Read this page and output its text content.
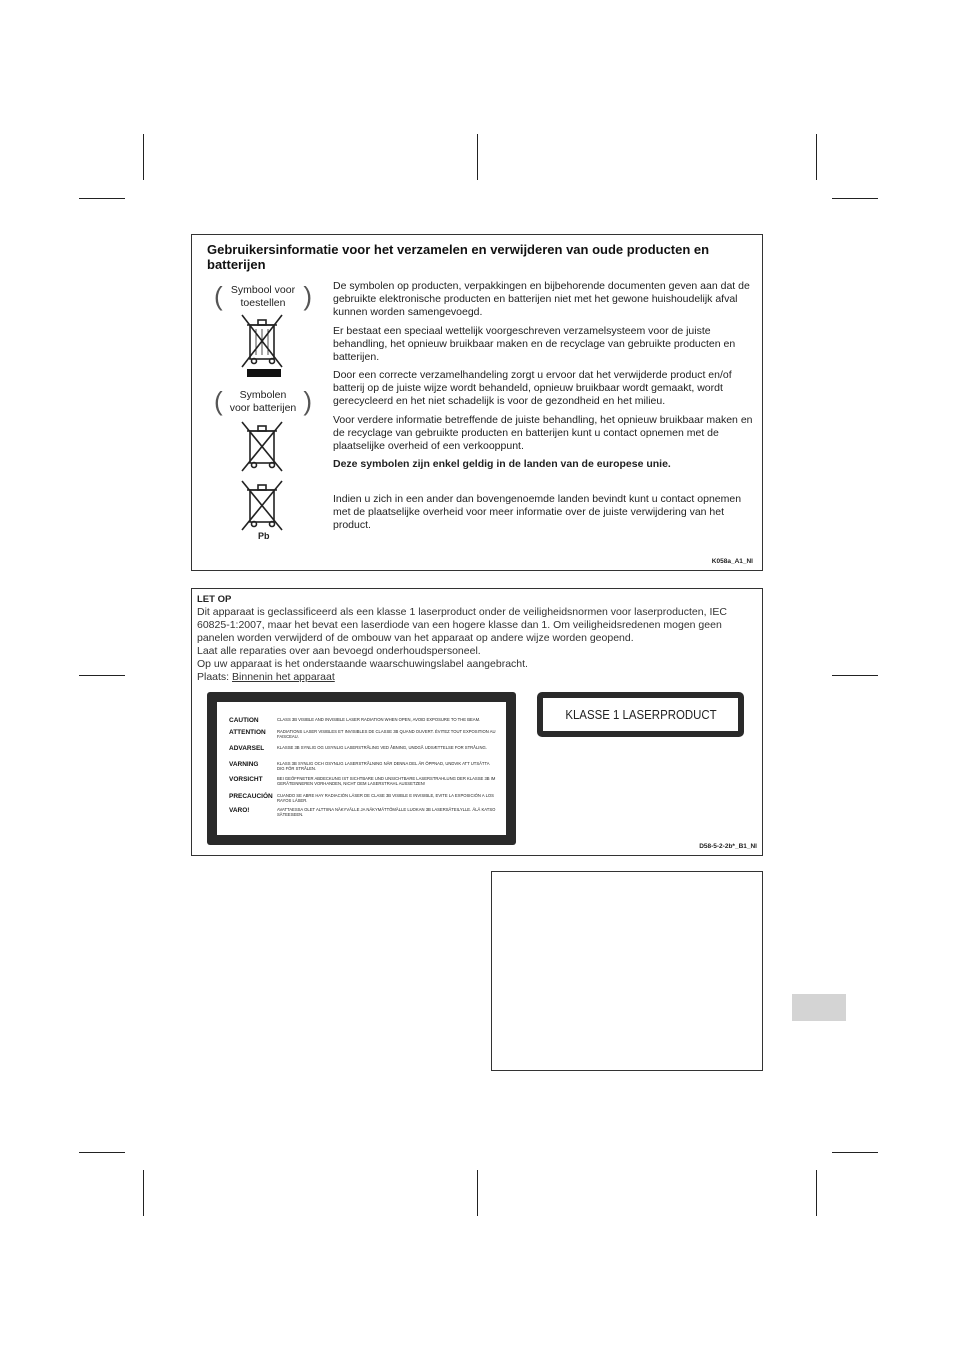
Gebruikersinformatie voor het verzamelen en verwijderen van oude producten en batterijen
( Symbool voor
toestellen )
(	Symbolen
voor batterijen )
Pb

De symbolen op producten, verpakkingen en bijbehorende documenten geven aan dat de gebruikte elektronische producten en batterijen niet met het gewone huishoudelijk afval kunnen worden samengevoegd.

Er bestaat een speciaal wettelijk voorgeschreven verzamelsysteem voor de juiste behandling, het opnieuw bruikbaar maken en de recyclage van gebruikte producten en batterijen.

Door een correcte verzamelhandeling zorgt u ervoor dat het verwijderde product en/of batterij op de juiste wijze wordt behandeld, opnieuw bruikbaar wordt gemaakt, wordt gerecycleerd en het niet schadelijk is voor de gezondheid en het milieu.

Voor verdere informatie betreffende de juiste behandling, het opnieuw bruikbaar maken en de recyclage van gebruikte producten en batterijen kunt u contact opnemen met de plaatselijke overheid of een verkooppunt.

Deze symbolen zijn enkel geldig in de landen van de europese unie.

Indien u zich in een ander dan bovengenoemde landen bevindt kunt u contact opnemen met de plaatselijke overheid voor meer informatie over de juiste verwijdering van het product.

K058a_A1_Nl
LET OP
Dit apparaat is geclassificeerd als een klasse 1 laserproduct onder de veiligheidsnormen voor laserproducten, IEC
60825-1:2007, maar het bevat een laserdiode van een hogere klasse dan 1. Om veiligheidsredenen mogen geen
panelen worden verwijderd of de ombouw van het apparaat op andere wijze worden geopend.
Laat alle reparaties over aan bevoegd onderhoudspersoneel.
Op uw apparaat is het onderstaande waarschuwingslabel aangebracht.
Plaats: Binnenin het apparaat
CAUTION	CLASS 3B VISIBLE AND INVISIBLE LASER RADIATION WHEN OPEN, AVOID EXPOSURE TO THE BEAM.
ATTENTION	RADIATIONS LASER VISIBLES ET INVISIBLES DE CLASSE 3B QUAND OUVERT. ÉVITEZ TOUT EXPOSITION AU FAISCEAU.
ADVARSEL	KLASSE 3B SYNLIG OG USYNLIG LASERSTRÅLING VED ÅBNING, UNDGÅ UDSÆTTELSE FOR STRÅLING.
VARNING	KLASS 3B SYNLIG OCH OSYNLIG LASERSTRÅLNING NÄR DENNA DEL ÄR ÖPPNAD, UNDVIK ATT UTSÄTTA DIG FÖR STRÅLEN.
VORSICHT	BEI GEÖFFNETER ABDECKUNG IST SICHTBARE UND UNSICHTBARE LASERSTRAHLUNG DER KLASSE 3B IM GERÄTEINNEREN VORHANDEN, NICHT DEM LASERSTRAHL AUSSETZEN!
PRECAUCIÓN CUANDO SE ABRE HAY RADIACIÓN LÁSER DE CLASE 3B VISIBLE E INVISIBLE, EVITE LA EXPOSICIÓN A LOS RAYOS LÁSER.
VARO!	AVATTAESSA OLET ALTTIINA NÄKYVÄLLE JA NÄKYMÄTTÖMÄLLE LUOKAN 3B LASERSÄTEILYLLE. ÄLÄ KATSO SÄTEESEEN.
KLASSE 1 LASERPRODUCT
D58-5-2-2b*_B1_Nl
